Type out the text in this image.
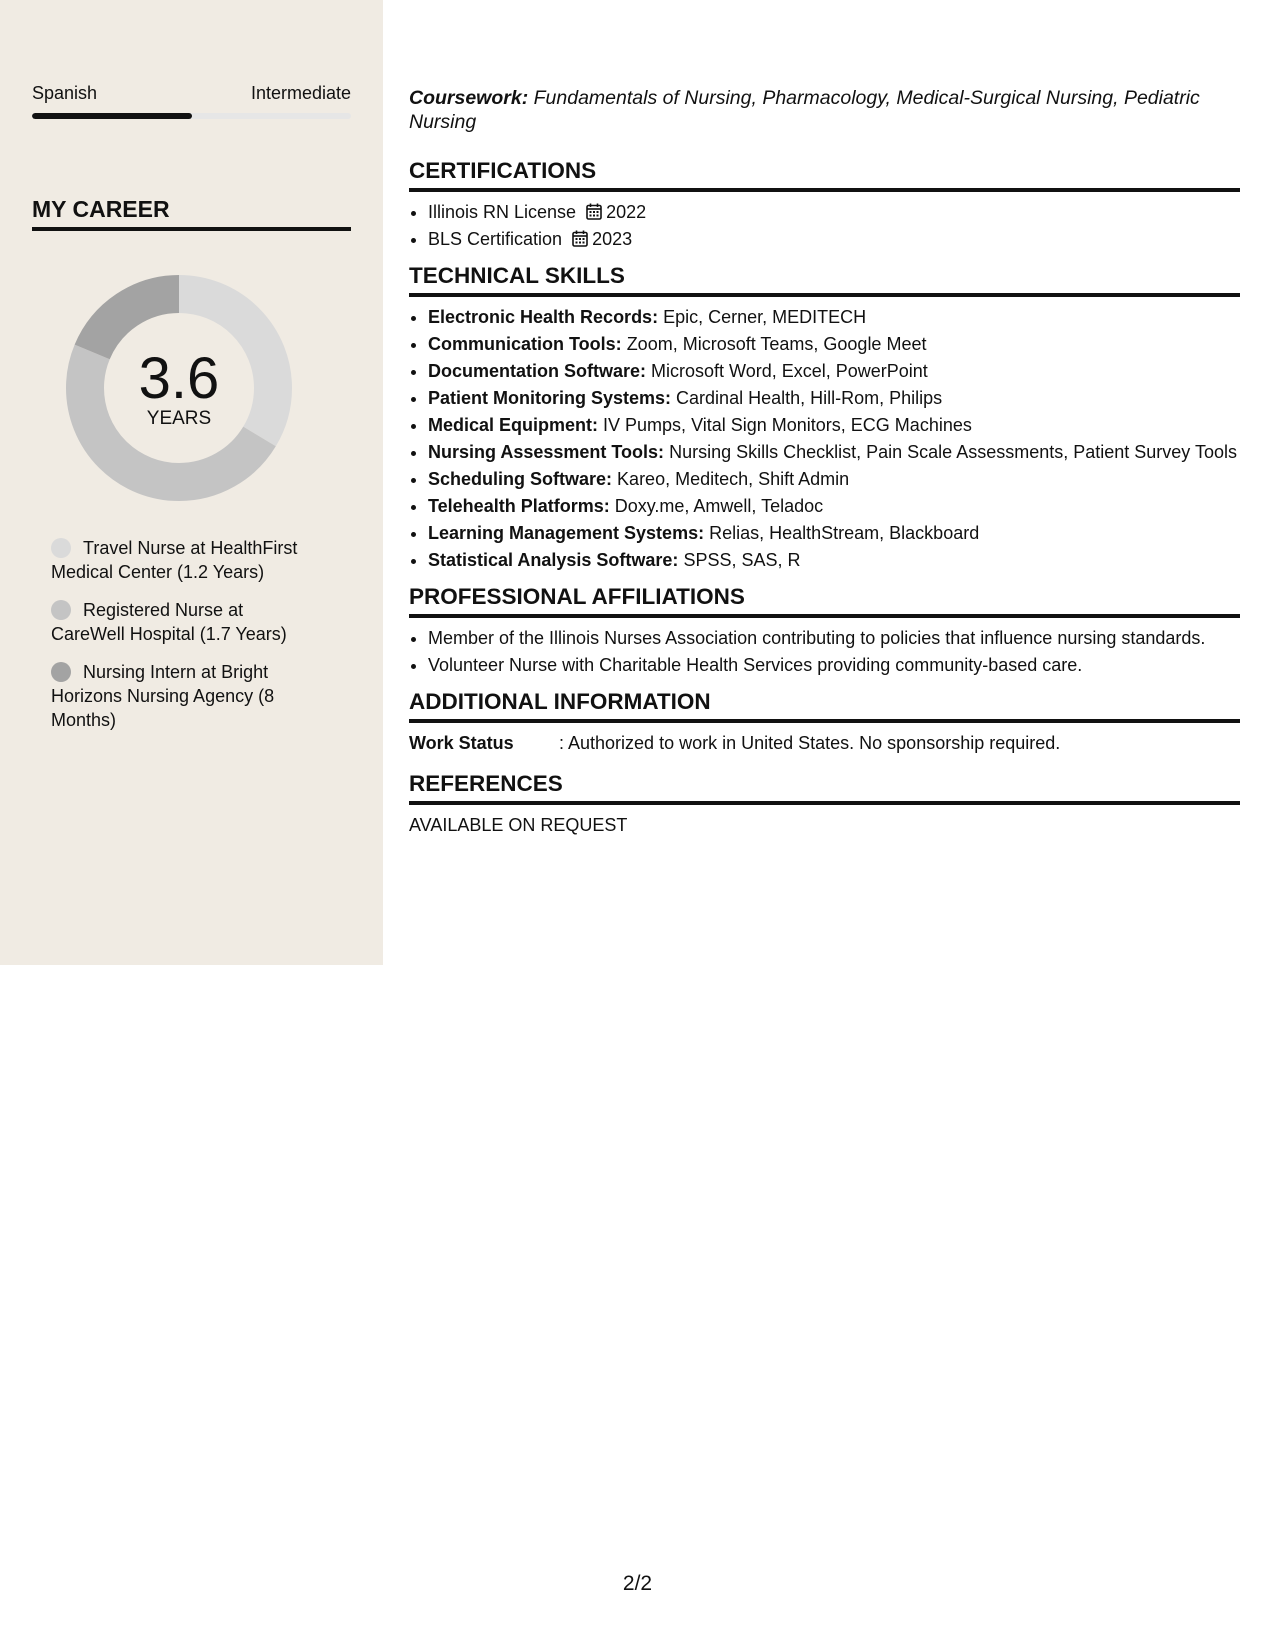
Spanish	Intermediate
MY CAREER
3.6
YEARS
Travel Nurse at HealthFirst Medical Center (1.2 Years)
Registered Nurse at CareWell Hospital (1.7 Years)
Nursing Intern at Bright Horizons Nursing Agency (8 Months)
Coursework: Fundamentals of Nursing, Pharmacology, Medical-Surgical Nursing, Pediatric Nursing
CERTIFICATIONS
• Illinois RN License 2022
• BLS Certification 2023
TECHNICAL SKILLS
• Electronic Health Records: Epic, Cerner, MEDITECH
• Communication Tools: Zoom, Microsoft Teams, Google Meet
• Documentation Software: Microsoft Word, Excel, PowerPoint
• Patient Monitoring Systems: Cardinal Health, Hill-Rom, Philips
• Medical Equipment: IV Pumps, Vital Sign Monitors, ECG Machines
• Nursing Assessment Tools: Nursing Skills Checklist, Pain Scale Assessments, Patient Survey Tools
• Scheduling Software: Kareo, Meditech, Shift Admin
• Telehealth Platforms: Doxy.me, Amwell, Teladoc
• Learning Management Systems: Relias, HealthStream, Blackboard
• Statistical Analysis Software: SPSS, SAS, R
PROFESSIONAL AFFILIATIONS
• Member of the Illinois Nurses Association contributing to policies that influence nursing standards.
• Volunteer Nurse with Charitable Health Services providing community-based care.
ADDITIONAL INFORMATION
Work Status	: Authorized to work in United States. No sponsorship required.
REFERENCES
AVAILABLE ON REQUEST
2/2
